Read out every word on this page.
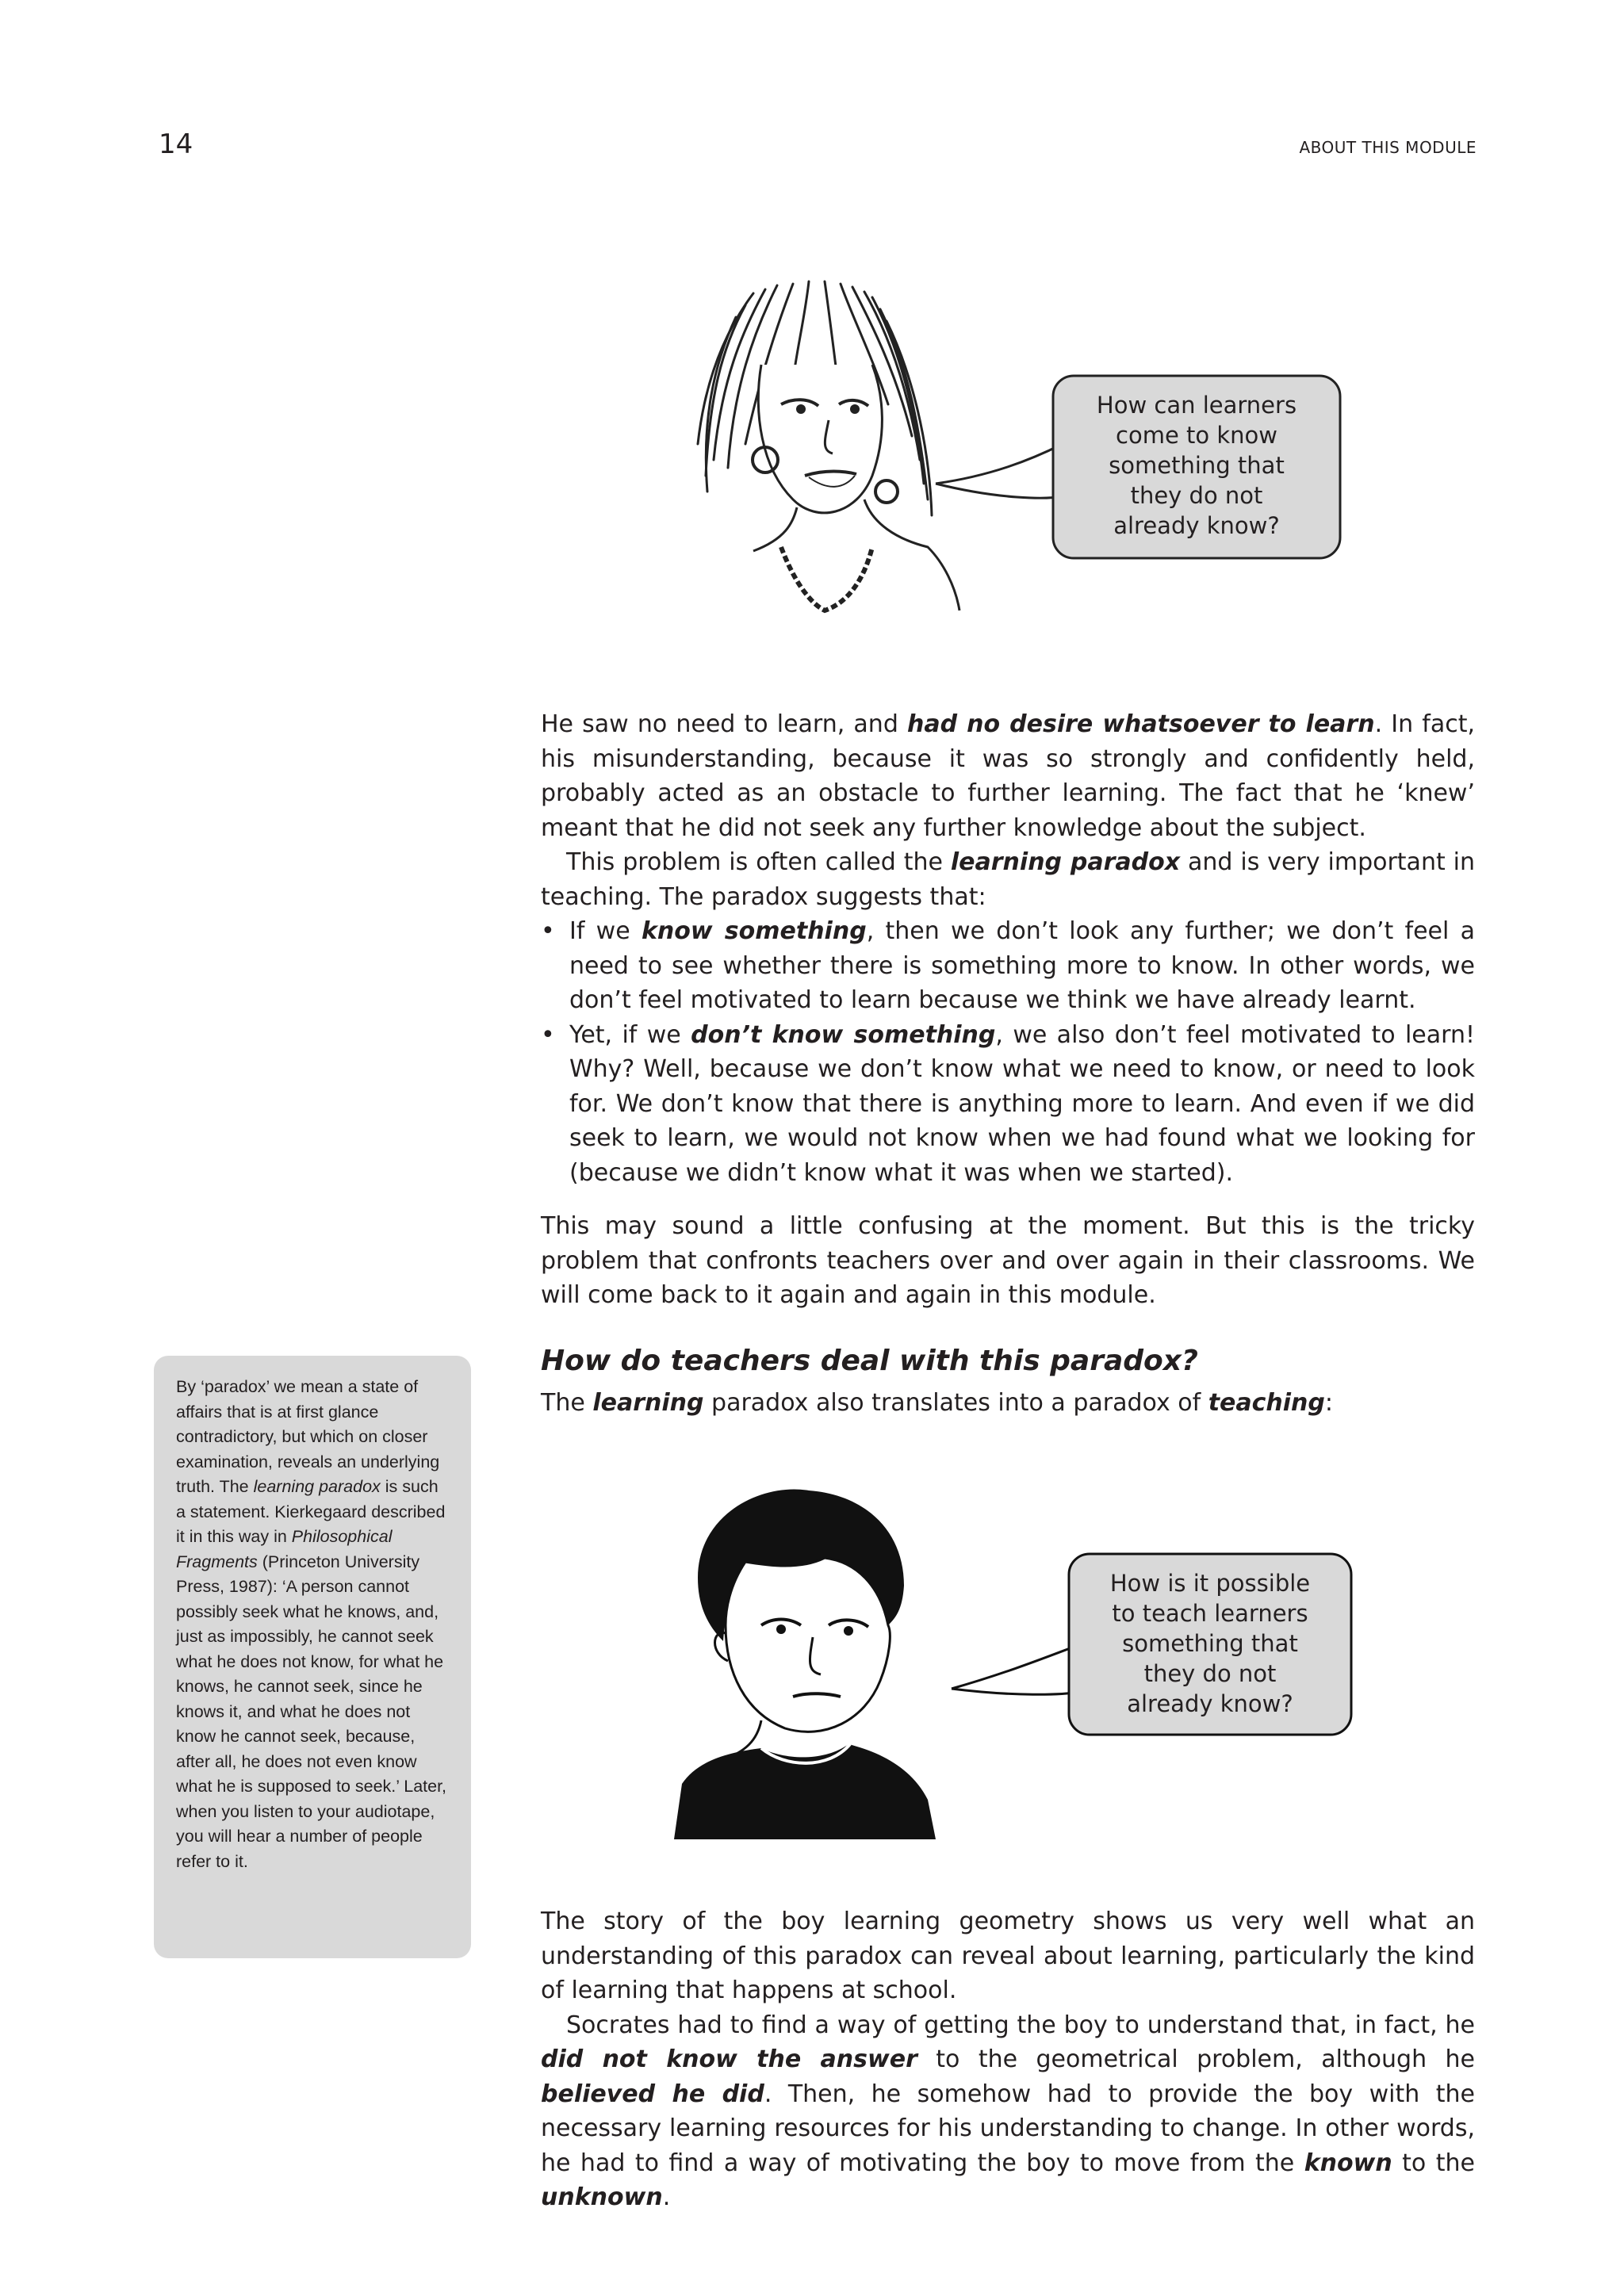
14	ABOUT THIS MODULE
How can learners
come to know
something that
they do not
already know?

He saw no need to learn, and had no desire whatsoever to learn. In fact, his misunderstanding, because it was so strongly and confidently held, probably acted as an obstacle to further learning. The fact that he ‘knew’ meant that he did not seek any further knowledge about the subject.

This problem is often called the learning paradox and is very important in teaching. The paradox suggests that:

• If we know something, then we don’t look any further; we don’t feel a need to see whether there is something more to know. In other words, we don’t feel motivated to learn because we think we have already learnt.
• Yet, if we don’t know something, we also don’t feel motivated to learn! Why? Well, because we don’t know what we need to know, or need to look for. We don’t know that there is anything more to learn. And even if we did seek to learn, we would not know when we had found what we looking for (because we didn’t know what it was when we started).

This may sound a little confusing at the moment. But this is the tricky problem that confronts teachers over and over again in their classrooms. We will come back to it again and again in this module.

How do teachers deal with this paradox?
The learning paradox also translates into a paradox of teaching:

By ‘paradox’ we mean a state of affairs that is at first glance contradictory, but which on closer examination, reveals an underlying truth. The learning paradox is such a statement. Kierkegaard described it in this way in Philosophical Fragments (Princeton University Press, 1987): ‘A person cannot possibly seek what he knows, and, just as impossibly, he cannot seek what he does not know, for what he knows, he cannot seek, since he knows it, and what he does not know he cannot seek, because, after all, he does not even know what he is supposed to seek.’ Later, when you listen to your audiotape, you will hear a number of people refer to it.

How is it possible
to teach learners
something that
they do not
already know?

The story of the boy learning geometry shows us very well what an understanding of this paradox can reveal about learning, particularly the kind of learning that happens at school.

Socrates had to find a way of getting the boy to understand that, in fact, he did not know the answer to the geometrical problem, although he believed he did. Then, he somehow had to provide the boy with the necessary learning resources for his understanding to change. In other words, he had to find a way of motivating the boy to move from the known to the unknown.
